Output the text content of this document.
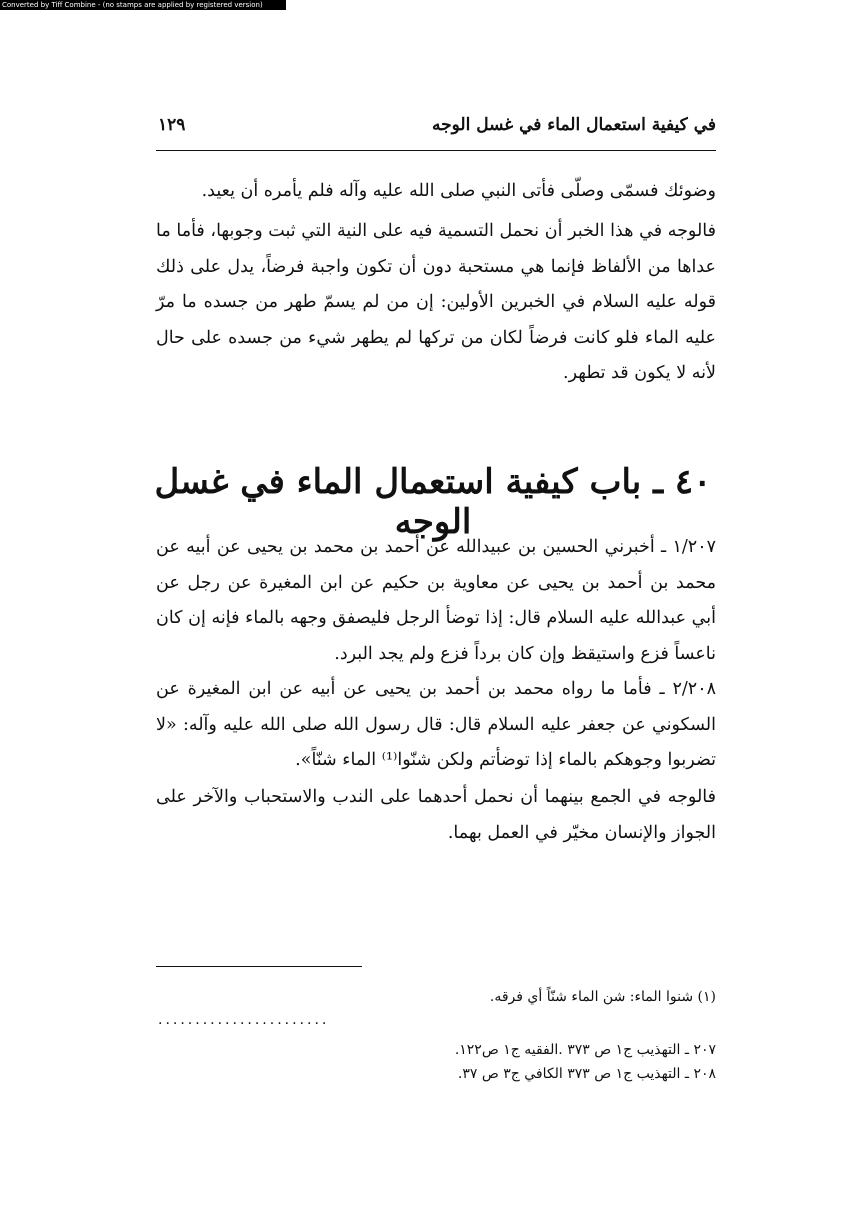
Converted by Tiff Combine - (no stamps are applied by registered version)
في كيفية استعمال الماء في غسل الوجه
١٢٩

وضوئك فسمّى وصلّى فأتى النبي صلى الله عليه وآله فلم يأمره أن يعيد.

فالوجه في هذا الخبر أن نحمل التسمية فيه على النية التي ثبت وجوبها، فأما ما عداها من الألفاظ فإنما هي مستحبة دون أن تكون واجبة فرضاً، يدل على ذلك قوله عليه السلام في الخبرين الأولين: إن من لم يسمّ طهر من جسده ما مرّ عليه الماء فلو كانت فرضاً لكان من تركها لم يطهر شيء من جسده على حال لأنه لا يكون قد تطهر.

٤٠ ـ باب كيفية استعمال الماء في غسل الوجه

١/٢٠٧ ـ أخبرني الحسين بن عبيدالله عن أحمد بن محمد بن يحيى عن أبيه عن محمد بن أحمد بن يحيى عن معاوية بن حكيم عن ابن المغيرة عن رجل عن أبي عبدالله عليه السلام قال: إذا توضأ الرجل فليصفق وجهه بالماء فإنه إن كان ناعساً فزع واستيقظ وإن كان برداً فزع ولم يجد البرد.

٢/٢٠٨ ـ فأما ما رواه محمد بن أحمد بن يحيى عن أبيه عن ابن المغيرة عن السكوني عن جعفر عليه السلام قال: قال رسول الله صلى الله عليه وآله: «لا تضربوا وجوهكم بالماء إذا توضأتم ولكن شنّوا⁽¹⁾ الماء شنّاً».

فالوجه في الجمع بينهما أن نحمل أحدهما على الندب والاستحباب والآخر على الجواز والإنسان مخيّر في العمل بهما.

(١) شنوا الماء: شن الماء شنّاً أي فرقه.
.......................
٢٠٧ ـ التهذيب ج١ ص ٣٧٣ .الفقيه ج١ ص١٢٢.
٢٠٨ ـ التهذيب ج١ ص ٣٧٣ الكافي ج٣ ص ٣٧.
